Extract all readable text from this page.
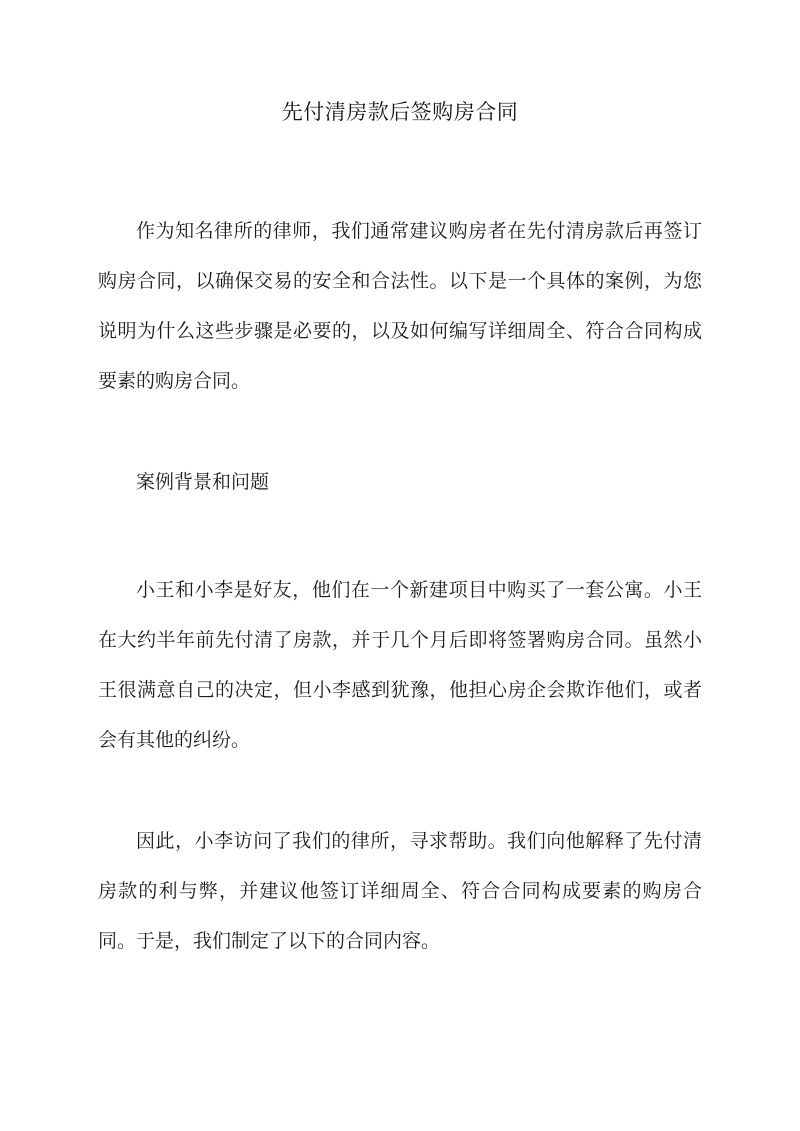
先付清房款后签购房合同

作为知名律所的律师，我们通常建议购房者在先付清房款后再签订购房合同，以确保交易的安全和合法性。以下是一个具体的案例，为您说明为什么这些步骤是必要的，以及如何编写详细周全、符合合同构成要素的购房合同。

案例背景和问题

小王和小李是好友，他们在一个新建项目中购买了一套公寓。小王在大约半年前先付清了房款，并于几个月后即将签署购房合同。虽然小王很满意自己的决定，但小李感到犹豫，他担心房企会欺诈他们，或者会有其他的纠纷。

因此，小李访问了我们的律所，寻求帮助。我们向他解释了先付清房款的利与弊，并建议他签订详细周全、符合合同构成要素的购房合同。于是，我们制定了以下的合同内容。
